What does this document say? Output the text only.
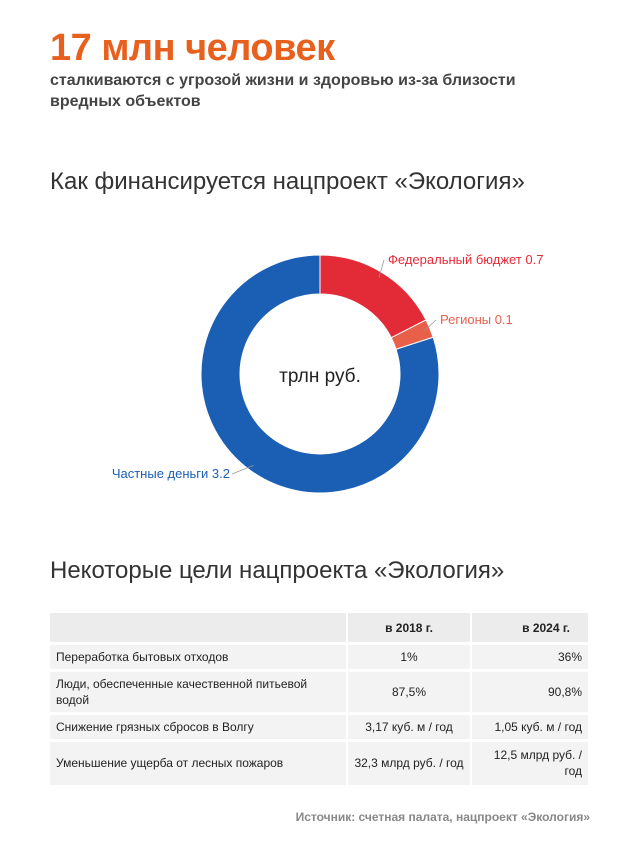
17 млн человек
сталкиваются с угрозой жизни и здоровью из-за близости вредных объектов
Как финансируется нацпроект «Экология»
Федеральный бюджет 0.7
Регионы 0.1
Частные деньги 3.2
трлн руб.
Некоторые цели нацпроекта «Экология»
	в 2018 г.	в 2024 г.
Переработка бытовых отходов	1%	36%
Люди, обеспеченные качественной питьевой водой	87,5%	90,8%
Снижение грязных сбросов в Волгу	3,17 куб. м / год	1,05 куб. м / год
Уменьшение ущерба от лесных пожаров	32,3 млрд руб. / год	12,5 млрд руб. / год
Источник: счетная палата, нацпроект «Экология»
